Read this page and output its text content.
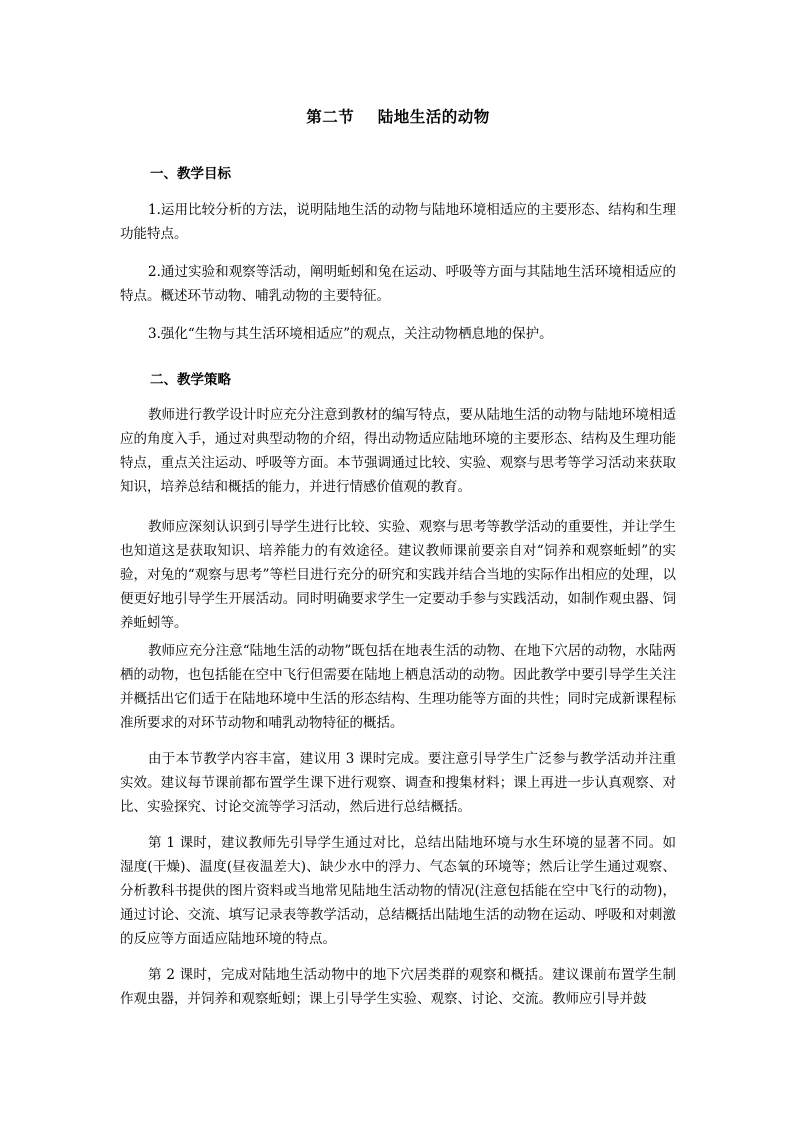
第二节    陆地生活的动物
一、教学目标

1.运用比较分析的方法，说明陆地生活的动物与陆地环境相适应的主要形态、结构和生理功能特点。

2.通过实验和观察等活动，阐明蚯蚓和兔在运动、呼吸等方面与其陆地生活环境相适应的特点。概述环节动物、哺乳动物的主要特征。

3.强化“生物与其生活环境相适应”的观点，关注动物栖息地的保护。

二、教学策略

教师进行教学设计时应充分注意到教材的编写特点，要从陆地生活的动物与陆地环境相适应的角度入手，通过对典型动物的介绍，得出动物适应陆地环境的主要形态、结构及生理功能特点，重点关注运动、呼吸等方面。本节强调通过比较、实验、观察与思考等学习活动来获取知识，培养总结和概括的能力，并进行情感价值观的教育。

教师应深刻认识到引导学生进行比较、实验、观察与思考等教学活动的重要性，并让学生也知道这是获取知识、培养能力的有效途径。建议教师课前要亲自对“饲养和观察蚯蚓”的实验，对兔的“观察与思考”等栏目进行充分的研究和实践并结合当地的实际作出相应的处理，以便更好地引导学生开展活动。同时明确要求学生一定要动手参与实践活动，如制作观虫器、饲养蚯蚓等。

教师应充分注意“陆地生活的动物”既包括在地表生活的动物、在地下穴居的动物，水陆两栖的动物，也包括能在空中飞行但需要在陆地上栖息活动的动物。因此教学中要引导学生关注并概括出它们适于在陆地环境中生活的形态结构、生理功能等方面的共性；同时完成新课程标准所要求的对环节动物和哺乳动物特征的概括。

由于本节教学内容丰富，建议用 3 课时完成。要注意引导学生广泛参与教学活动并注重实效。建议每节课前都布置学生课下进行观察、调查和搜集材料；课上再进一步认真观察、对比、实验探究、讨论交流等学习活动，然后进行总结概括。

第 1 课时，建议教师先引导学生通过对比，总结出陆地环境与水生环境的显著不同。如湿度(干燥)、温度(昼夜温差大)、缺少水中的浮力、气态氧的环境等；然后让学生通过观察、分析教科书提供的图片资料或当地常见陆地生活动物的情况(注意包括能在空中飞行的动物)，通过讨论、交流、填写记录表等教学活动，总结概括出陆地生活的动物在运动、呼吸和对刺激的反应等方面适应陆地环境的特点。

第 2 课时，完成对陆地生活动物中的地下穴居类群的观察和概括。建议课前布置学生制作观虫器，并饲养和观察蚯蚓；课上引导学生实验、观察、讨论、交流。教师应引导并鼓
